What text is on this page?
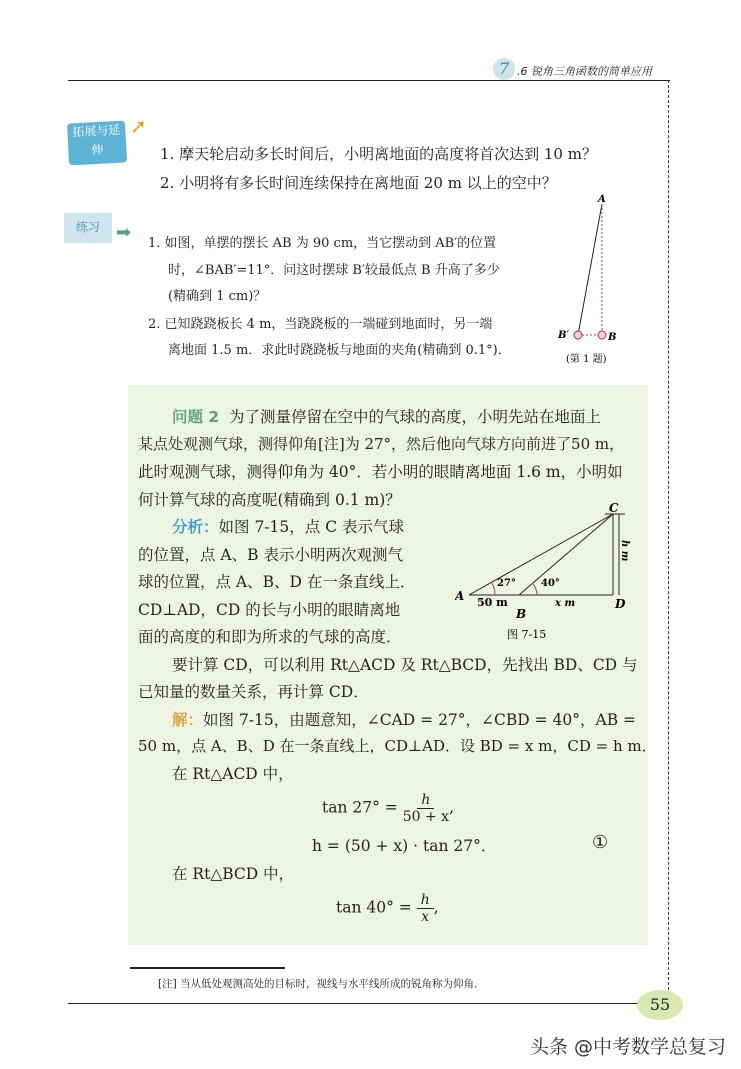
7 .6 锐角三角函数的简单应用
拓展与延伸
➚
1. 摩天轮启动多长时间后，小明离地面的高度将首次达到 10 m？
2. 小明将有多长时间连续保持在离地面 20 m 以上的空中？
练习 ➡
1. 如图，单摆的摆长 AB 为 90 cm，当它摆动到 AB′的位置
时，∠BAB′=11°．问这时摆球 B′较最低点 B 升高了多少
(精确到 1 cm)？
2. 已知跷跷板长 4 m，当跷跷板的一端碰到地面时，另一端
离地面 1.5 m．求此时跷跷板与地面的夹角(精确到 0.1°)．
A
B′	B
(第 1 题)
问题 2 为了测量停留在空中的气球的高度，小明先站在地面上
某点处观测气球，测得仰角[注]为 27°，然后他向气球方向前进了50 m，
此时观测气球，测得仰角为 40°．若小明的眼睛离地面 1.6 m，小明如
何计算气球的高度呢(精确到 0.1 m)？
分析：如图 7-15，点 C 表示气球
的位置，点 A、B 表示小明两次观测气
球的位置，点 A、B、D 在一条直线上．
CD⊥AD，CD 的长与小明的眼睛离地
面的高度的和即为所求的气球的高度．
C
A
B
D
27°	40°
50 m	x m
h m
图 7-15
要计算 CD，可以利用 Rt△ACD 及 Rt△BCD，先找出 BD、CD 与
已知量的数量关系，再计算 CD．
解：如图 7-15，由题意知，∠CAD = 27°，∠CBD = 40°，AB =
50 m，点 A、B、D 在一条直线上，CD⊥AD．设 BD = x m，CD = h m．
在 Rt△ACD 中，
$\tan 27^\circ = \frac{h}{50 + x}$ ,
h = (50 + x) · tan 27°．	①
在 Rt△BCD 中，
$\tan 40^\circ = \frac{h}{x}$ ,
[注] 当从低处观测高处的目标时，视线与水平线所成的锐角称为仰角．
55
头条 @中考数学总复习
